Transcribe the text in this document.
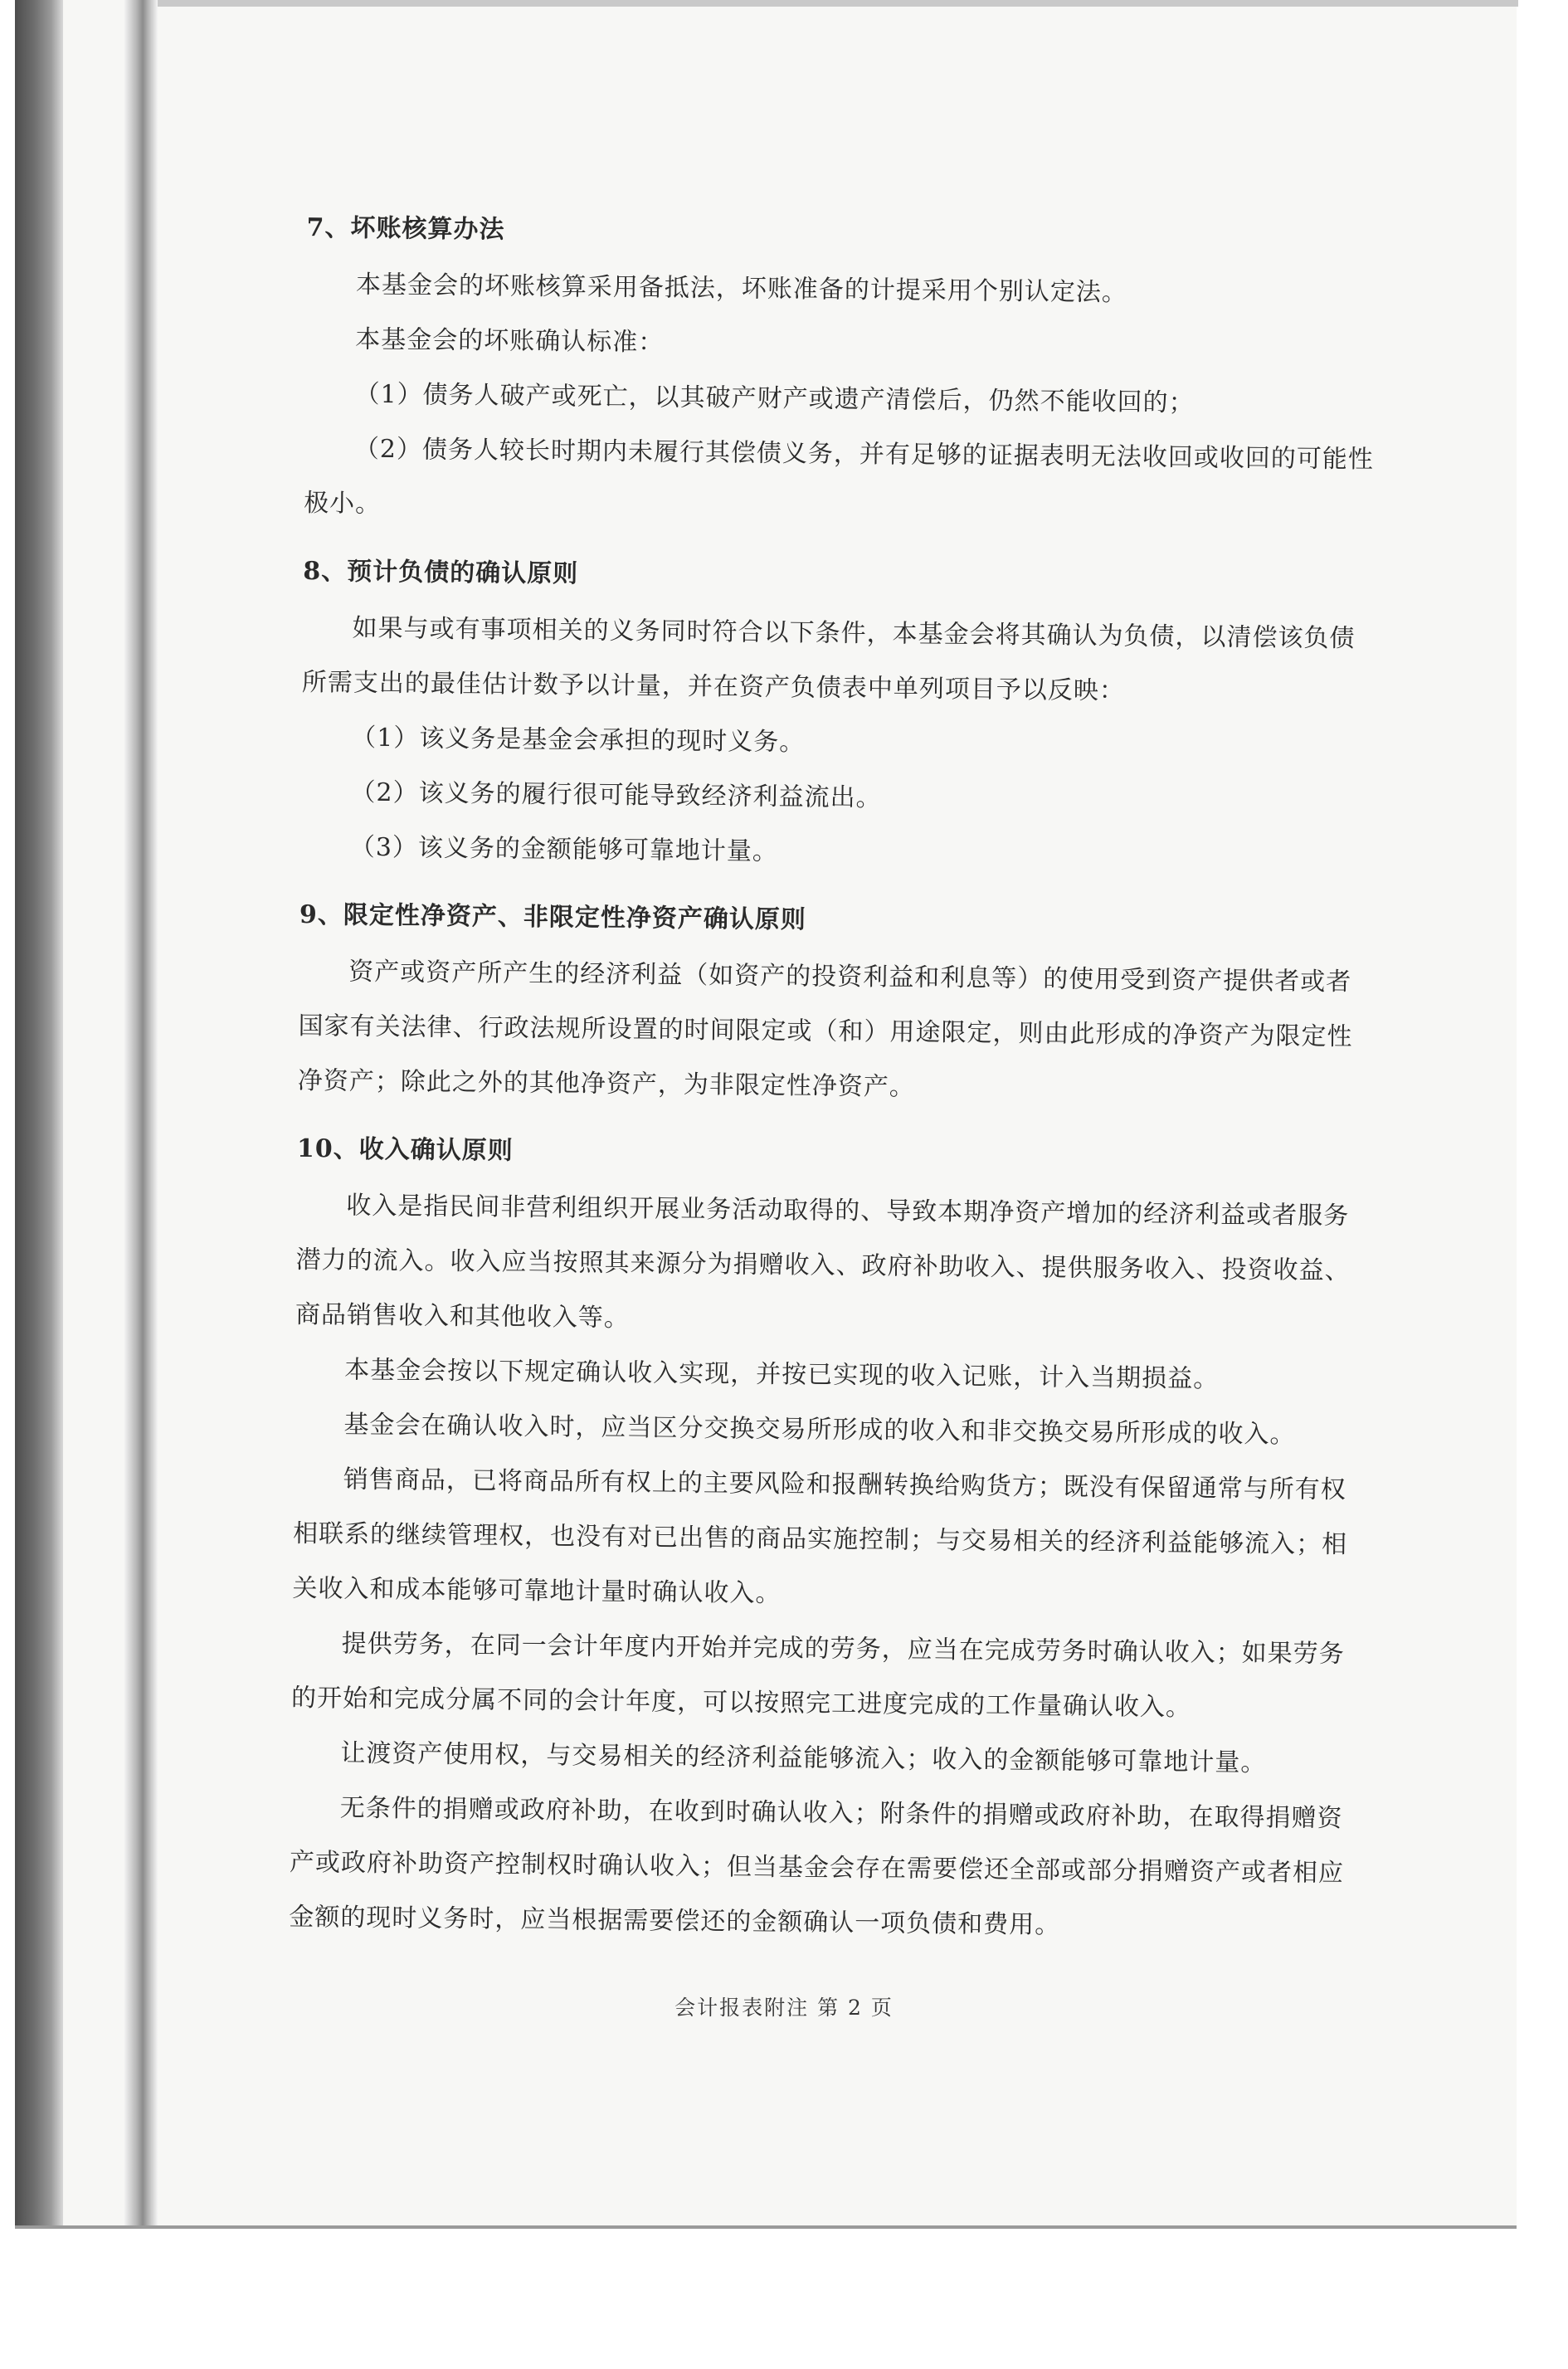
7、坏账核算办法

本基金会的坏账核算采用备抵法，坏账准备的计提采用个别认定法。

本基金会的坏账确认标准：

（1）债务人破产或死亡，以其破产财产或遗产清偿后，仍然不能收回的；

（2）债务人较长时期内未履行其偿债义务，并有足够的证据表明无法收回或收回的可能性极小。

8、预计负债的确认原则

如果与或有事项相关的义务同时符合以下条件，本基金会将其确认为负债，以清偿该负债所需支出的最佳估计数予以计量，并在资产负债表中单列项目予以反映：

（1）该义务是基金会承担的现时义务。

（2）该义务的履行很可能导致经济利益流出。

（3）该义务的金额能够可靠地计量。

9、限定性净资产、非限定性净资产确认原则

资产或资产所产生的经济利益（如资产的投资利益和利息等）的使用受到资产提供者或者国家有关法律、行政法规所设置的时间限定或（和）用途限定，则由此形成的净资产为限定性净资产；除此之外的其他净资产，为非限定性净资产。

10、收入确认原则

收入是指民间非营利组织开展业务活动取得的、导致本期净资产增加的经济利益或者服务潜力的流入。收入应当按照其来源分为捐赠收入、政府补助收入、提供服务收入、投资收益、商品销售收入和其他收入等。

本基金会按以下规定确认收入实现，并按已实现的收入记账，计入当期损益。

基金会在确认收入时，应当区分交换交易所形成的收入和非交换交易所形成的收入。

销售商品，已将商品所有权上的主要风险和报酬转换给购货方；既没有保留通常与所有权相联系的继续管理权，也没有对已出售的商品实施控制；与交易相关的经济利益能够流入；相关收入和成本能够可靠地计量时确认收入。

提供劳务，在同一会计年度内开始并完成的劳务，应当在完成劳务时确认收入；如果劳务的开始和完成分属不同的会计年度，可以按照完工进度完成的工作量确认收入。

让渡资产使用权，与交易相关的经济利益能够流入；收入的金额能够可靠地计量。

无条件的捐赠或政府补助，在收到时确认收入；附条件的捐赠或政府补助，在取得捐赠资产或政府补助资产控制权时确认收入；但当基金会存在需要偿还全部或部分捐赠资产或者相应金额的现时义务时，应当根据需要偿还的金额确认一项负债和费用。

会计报表附注 第 2 页
